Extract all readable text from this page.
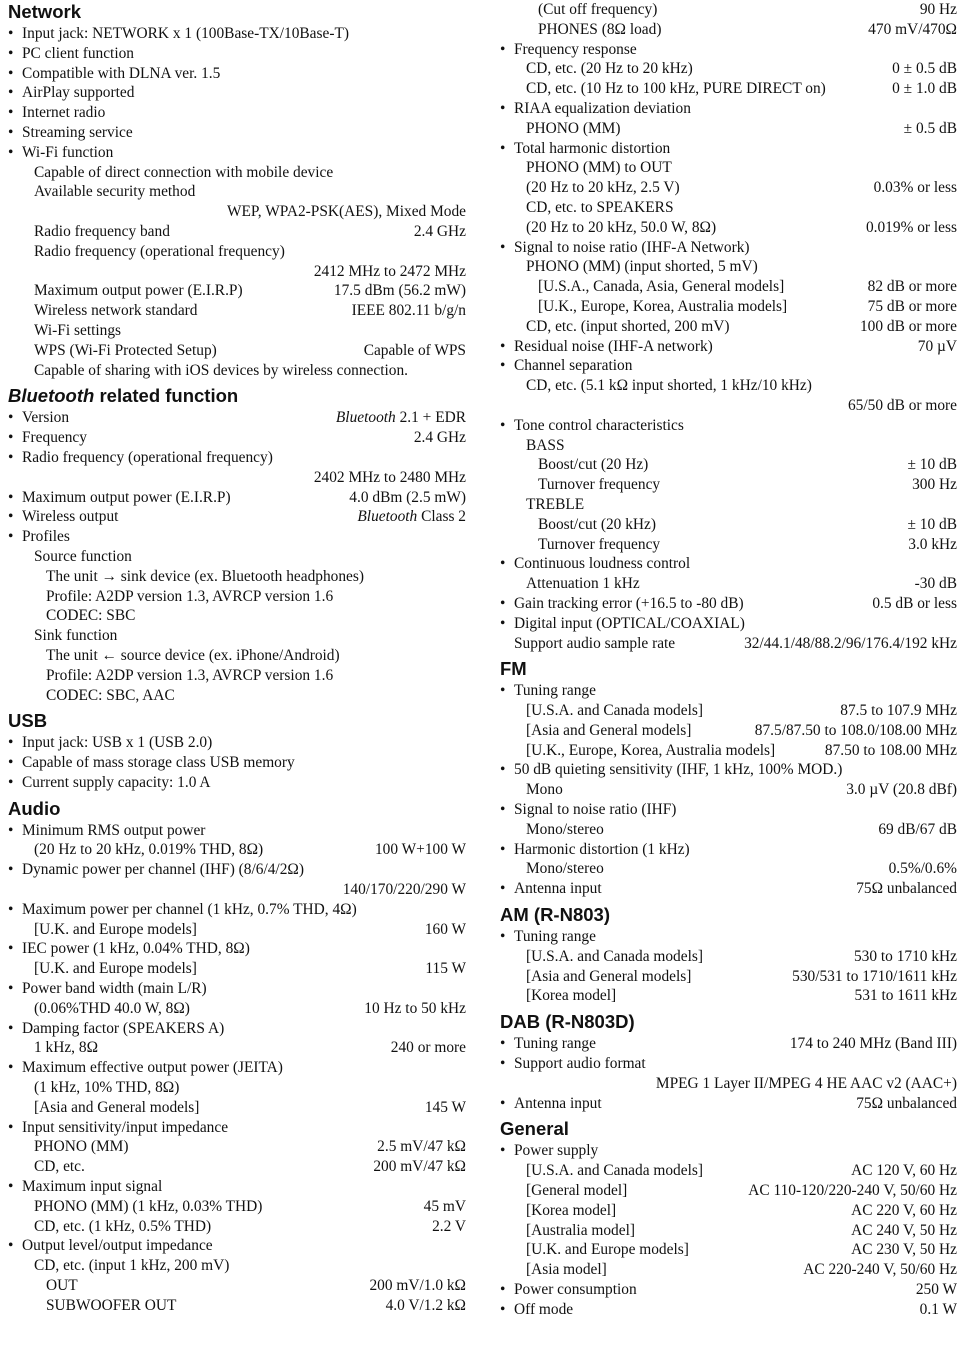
Network
• Input jack: NETWORK x 1 (100Base-TX/10Base-T)
• PC client function
• Compatible with DLNA ver. 1.5
• AirPlay supported
• Internet radio
• Streaming service
• Wi-Fi function
Capable of direct connection with mobile device
Available security method
WEP, WPA2-PSK(AES), Mixed Mode
Radio frequency band	2.4 GHz
Radio frequency (operational frequency)
2412 MHz to 2472 MHz
Maximum output power (E.I.R.P)	17.5 dBm (56.2 mW)
Wireless network standard	IEEE 802.11 b/g/n
Wi-Fi settings
WPS (Wi-Fi Protected Setup)	Capable of WPS
Capable of sharing with iOS devices by wireless connection.
Bluetooth related function
• Version	Bluetooth 2.1 + EDR
• Frequency	2.4 GHz
• Radio frequency (operational frequency)
2402 MHz to 2480 MHz
• Maximum output power (E.I.R.P)	4.0 dBm (2.5 mW)
• Wireless output	Bluetooth Class 2
• Profiles
Source function
The unit → sink device (ex. Bluetooth headphones)
Profile: A2DP version 1.3, AVRCP version 1.6
CODEC: SBC
Sink function
The unit ← source device (ex. iPhone/Android)
Profile: A2DP version 1.3, AVRCP version 1.6
CODEC: SBC, AAC
USB
• Input jack: USB x 1 (USB 2.0)
• Capable of mass storage class USB memory
• Current supply capacity: 1.0 A
Audio
• Minimum RMS output power
(20 Hz to 20 kHz, 0.019% THD, 8Ω)	100 W+100 W
• Dynamic power per channel (IHF) (8/6/4/2Ω)
140/170/220/290 W
• Maximum power per channel (1 kHz, 0.7% THD, 4Ω)
[U.K. and Europe models]	160 W
• IEC power (1 kHz, 0.04% THD, 8Ω)
[U.K. and Europe models]	115 W
• Power band width (main L/R)
(0.06%THD 40.0 W, 8Ω)	10 Hz to 50 kHz
• Damping factor (SPEAKERS A)
1 kHz, 8Ω	240 or more
• Maximum effective output power (JEITA)
(1 kHz, 10% THD, 8Ω)
[Asia and General models]	145 W
• Input sensitivity/input impedance
PHONO (MM)	2.5 mV/47 kΩ
CD, etc.	200 mV/47 kΩ
• Maximum input signal
PHONO (MM) (1 kHz, 0.03% THD)	45 mV
CD, etc. (1 kHz, 0.5% THD)	2.2 V
• Output level/output impedance
CD, etc. (input 1 kHz, 200 mV)
OUT	200 mV/1.0 kΩ
SUBWOOFER OUT	4.0 V/1.2 kΩ
(Cut off frequency)	90 Hz
PHONES (8Ω load)	470 mV/470Ω
• Frequency response
CD, etc. (20 Hz to 20 kHz)	0 ± 0.5 dB
CD, etc. (10 Hz to 100 kHz, PURE DIRECT on)	0 ± 1.0 dB
• RIAA equalization deviation
PHONO (MM)	± 0.5 dB
• Total harmonic distortion
PHONO (MM) to OUT
(20 Hz to 20 kHz, 2.5 V)	0.03% or less
CD, etc. to SPEAKERS
(20 Hz to 20 kHz, 50.0 W, 8Ω)	0.019% or less
• Signal to noise ratio (IHF-A Network)
PHONO (MM) (input shorted, 5 mV)
[U.S.A., Canada, Asia, General models]	82 dB or more
[U.K., Europe, Korea, Australia models]	75 dB or more
CD, etc. (input shorted, 200 mV)	100 dB or more
• Residual noise (IHF-A network)	70 µV
• Channel separation
CD, etc. (5.1 kΩ input shorted, 1 kHz/10 kHz)
65/50 dB or more
• Tone control characteristics
BASS
Boost/cut (20 Hz)	± 10 dB
Turnover frequency	300 Hz
TREBLE
Boost/cut (20 kHz)	± 10 dB
Turnover frequency	3.0 kHz
• Continuous loudness control
Attenuation 1 kHz	-30 dB
• Gain tracking error (+16.5 to -80 dB)	0.5 dB or less
• Digital input (OPTICAL/COAXIAL)
Support audio sample rate	32/44.1/48/88.2/96/176.4/192 kHz
FM
• Tuning range
[U.S.A. and Canada models]	87.5 to 107.9 MHz
[Asia and General models]	87.5/87.50 to 108.0/108.00 MHz
[U.K., Europe, Korea, Australia models]	87.50 to 108.00 MHz
• 50 dB quieting sensitivity (IHF, 1 kHz, 100% MOD.)
Mono	3.0 µV (20.8 dBf)
• Signal to noise ratio (IHF)
Mono/stereo	69 dB/67 dB
• Harmonic distortion (1 kHz)
Mono/stereo	0.5%/0.6%
• Antenna input	75Ω unbalanced
AM (R-N803)
• Tuning range
[U.S.A. and Canada models]	530 to 1710 kHz
[Asia and General models]	530/531 to 1710/1611 kHz
[Korea model]	531 to 1611 kHz
DAB (R-N803D)
• Tuning range	174 to 240 MHz (Band III)
• Support audio format
MPEG 1 Layer II/MPEG 4 HE AAC v2 (AAC+)
• Antenna input	75Ω unbalanced
General
• Power supply
[U.S.A. and Canada models]	AC 120 V, 60 Hz
[General model]	AC 110-120/220-240 V, 50/60 Hz
[Korea model]	AC 220 V, 60 Hz
[Australia model]	AC 240 V, 50 Hz
[U.K. and Europe models]	AC 230 V, 50 Hz
[Asia model]	AC 220-240 V, 50/60 Hz
• Power consumption	250 W
• Off mode	0.1 W
